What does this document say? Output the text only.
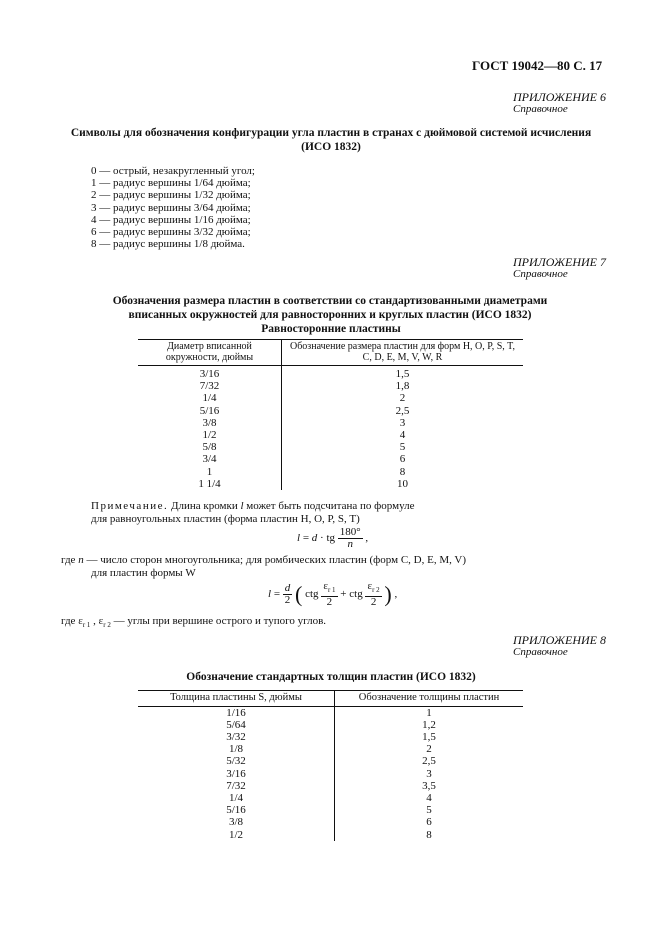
ГОСТ 19042—80 С. 17
ПРИЛОЖЕНИЕ 6
Справочное
Символы для обозначения конфигурации угла пластин в странах с дюймовой системой исчисления (ИСО 1832)
0 — острый, незакругленный угол;
1 — радиус вершины 1/64 дюйма;
2 — радиус вершины 1/32 дюйма;
3 — радиус вершины 3/64 дюйма;
4 — радиус вершины 1/16 дюйма;
6 — радиус вершины 3/32 дюйма;
8 — радиус вершины 1/8 дюйма.
ПРИЛОЖЕНИЕ 7
Справочное
Обозначения размера пластин в соответствии со стандартизованными диаметрами вписанных окружностей для равносторонних и круглых пластин (ИСО 1832)
Равносторонние пластины
Диаметр вписанной окружности, дюймы	Обозначение размера пластин для форм H, O, P, S, T, C, D, E, M, V, W, R
3/16	1,5
7/32	1,8
1/4	2
5/16	2,5
3/8	3
1/2	4
5/8	5
3/4	6
1	8
1 1/4	10
Примечание. Длина кромки l может быть подсчитана по формуле
для равноугольных пластин (форма пластин H, O, P, S, T)
l = d · tg $\frac{180^\circ}{n}$ ,
где n — число сторон многоугольника; для ромбических пластин (форм C, D, E, M, V)
для пластин формы W
$l = \frac{d}{2}$ ( ctg $\frac{\varepsilon_{r 1}}{2}$ + ctg $\frac{\varepsilon_{r 2}}{2}$ ) ,
где $\varepsilon_{r 1}$ , $\varepsilon_{r 2}$ — углы при вершине острого и тупого углов.
ПРИЛОЖЕНИЕ 8
Справочное
Обозначение стандартных толщин пластин (ИСО 1832)
Толщина пластины S, дюймы	Обозначение толщины пластин
1/16	1
5/64	1,2
3/32	1,5
1/8	2
5/32	2,5
3/16	3
7/32	3,5
1/4	4
5/16	5
3/8	6
1/2	8
